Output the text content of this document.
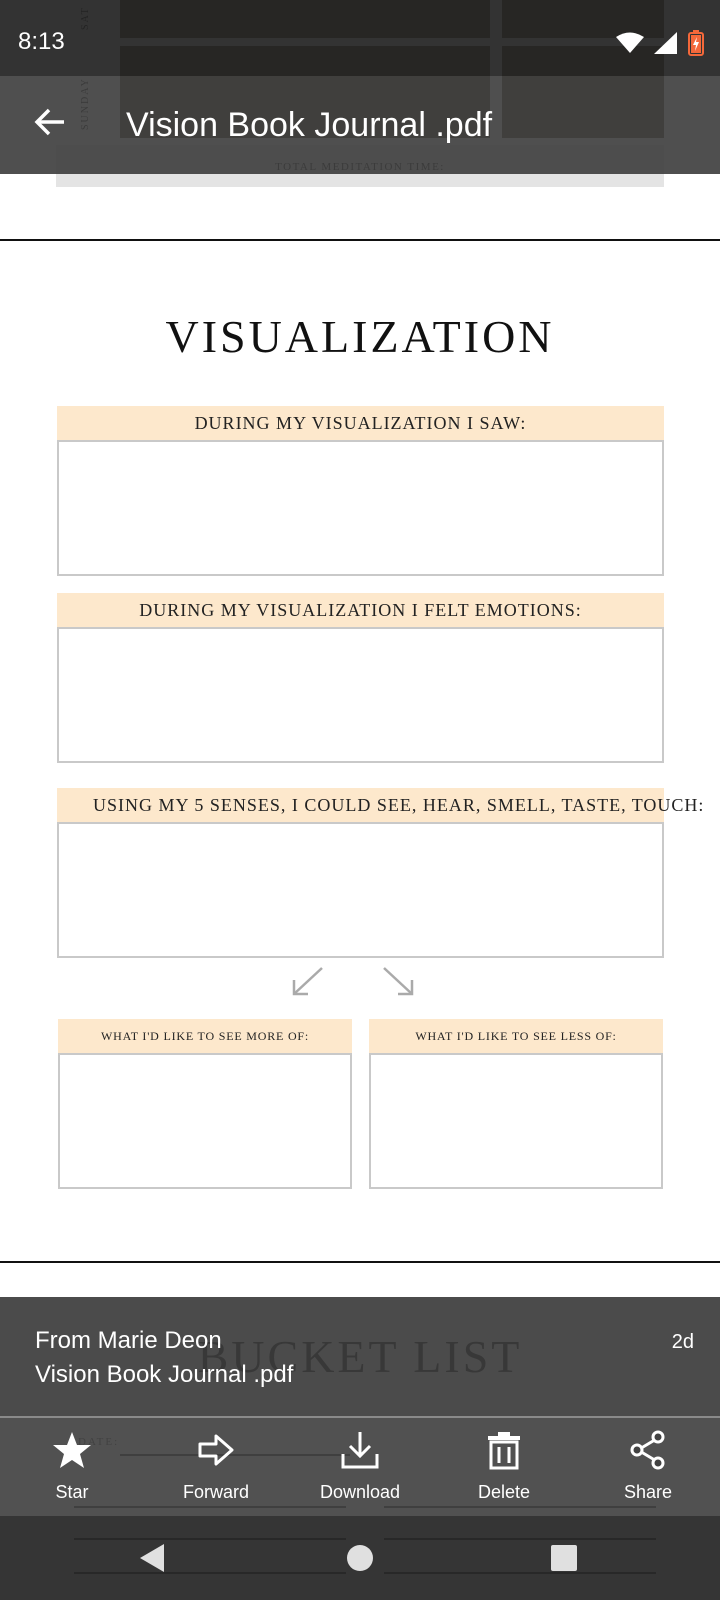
VISUALIZATION
DURING MY VISUALIZATION I SAW:
DURING MY VISUALIZATION I FELT EMOTIONS:
USING MY 5 SENSES, I COULD SEE, HEAR, SMELL, TASTE, TOUCH:
WHAT I'D LIKE TO SEE MORE OF:	WHAT I'D LIKE TO SEE LESS OF:
8:13
Vision Book Journal .pdf
From Marie Deon
Vision Book Journal .pdf
2d
Star	Forward	Download	Delete	Share
